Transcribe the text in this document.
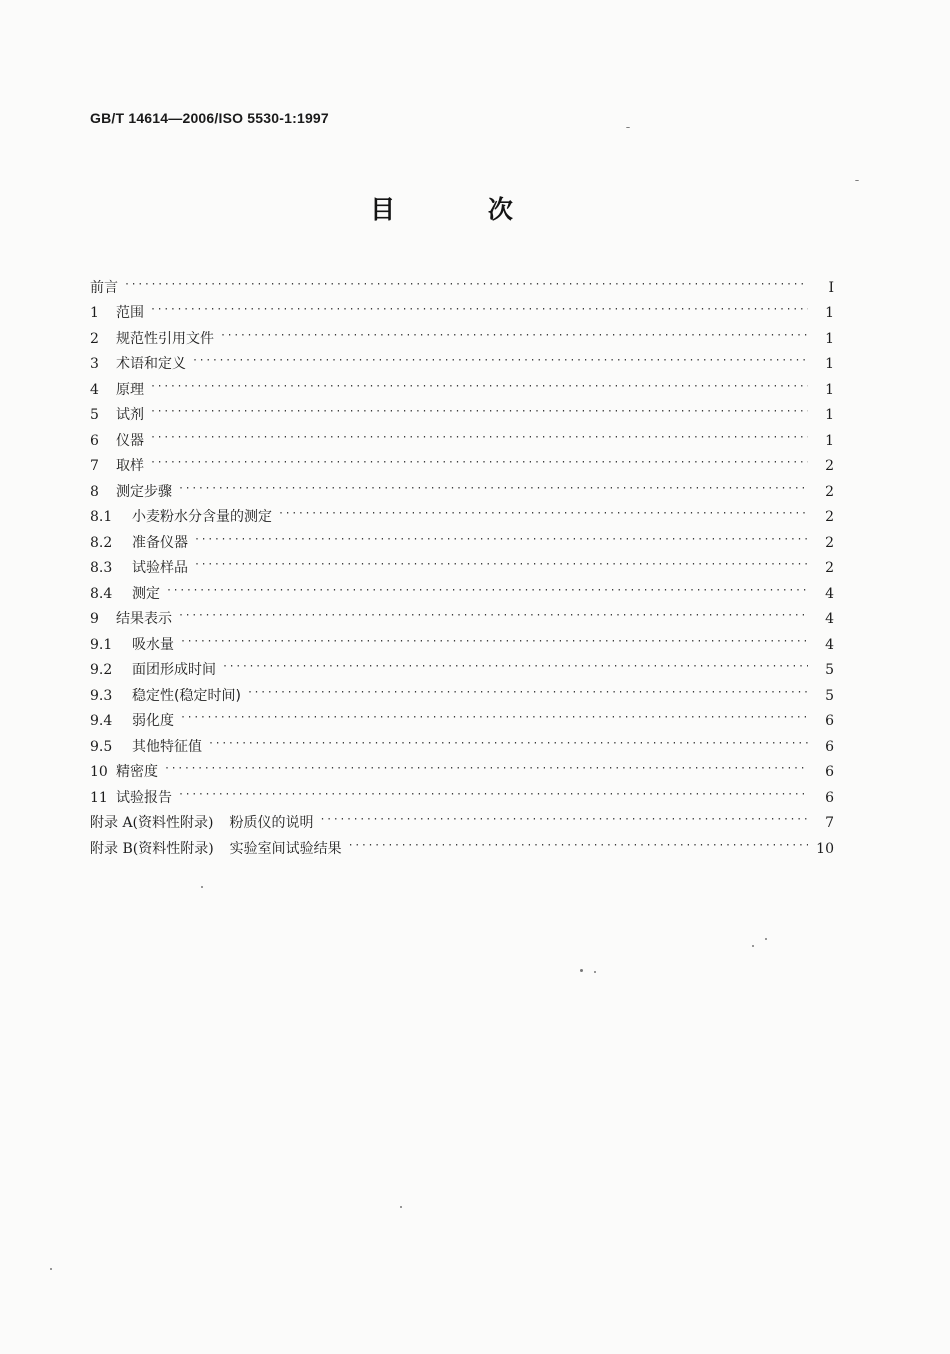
GB/T 14614—2006/ISO 5530-1:1997
目 次
前言 ·····	I
1	范围 ·····	1
2	规范性引用文件 ·····	1
3	术语和定义 ·····	1
4	原理 ·····	1
5	试剂 ·····	1
6	仪器 ·····	1
7	取样 ·····	2
8	测定步骤 ·····	2
8.1	小麦粉水分含量的测定 ·····	2
8.2	准备仪器 ·····	2
8.3	试验样品 ·····	2
8.4	测定 ·····	4
9	结果表示 ·····	4
9.1	吸水量 ·····	4
9.2	面团形成时间 ·····	5
9.3	稳定性(稳定时间) ·····	5
9.4	弱化度 ·····	6
9.5	其他特征值 ·····	6
10 精密度 ·····	6
11 试验报告 ·····	6
附录 A(资料性附录)	粉质仪的说明 ·····	7
附录 B(资料性附录)	实验室间试验结果 ·····	10
